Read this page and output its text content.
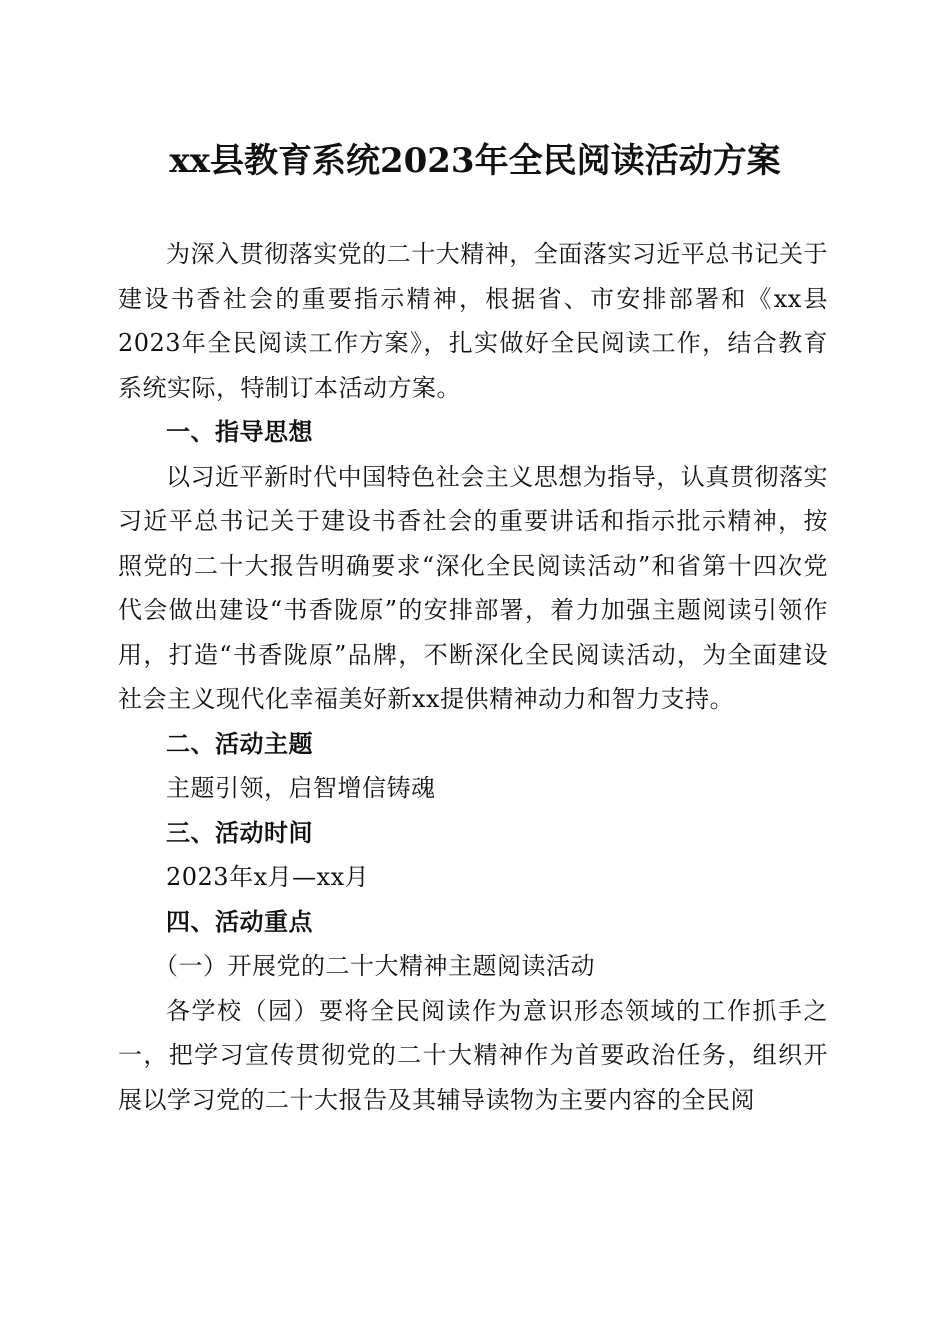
xx县教育系统2023年全民阅读活动方案

为深入贯彻落实党的二十大精神，全面落实习近平总书记关于建设书香社会的重要指示精神，根据省、市安排部署和《xx县2023年全民阅读工作方案》，扎实做好全民阅读工作，结合教育系统实际，特制订本活动方案。

一、指导思想

以习近平新时代中国特色社会主义思想为指导，认真贯彻落实习近平总书记关于建设书香社会的重要讲话和指示批示精神，按照党的二十大报告明确要求“深化全民阅读活动”和省第十四次党代会做出建设“书香陇原”的安排部署，着力加强主题阅读引领作用，打造“书香陇原”品牌，不断深化全民阅读活动，为全面建设社会主义现代化幸福美好新xx提供精神动力和智力支持。

二、活动主题

主题引领，启智增信铸魂

三、活动时间

2023年x月—xx月

四、活动重点

（一）开展党的二十大精神主题阅读活动

各学校（园）要将全民阅读作为意识形态领域的工作抓手之一，把学习宣传贯彻党的二十大精神作为首要政治任务，组织开展以学习党的二十大报告及其辅导读物为主要内容的全民阅
